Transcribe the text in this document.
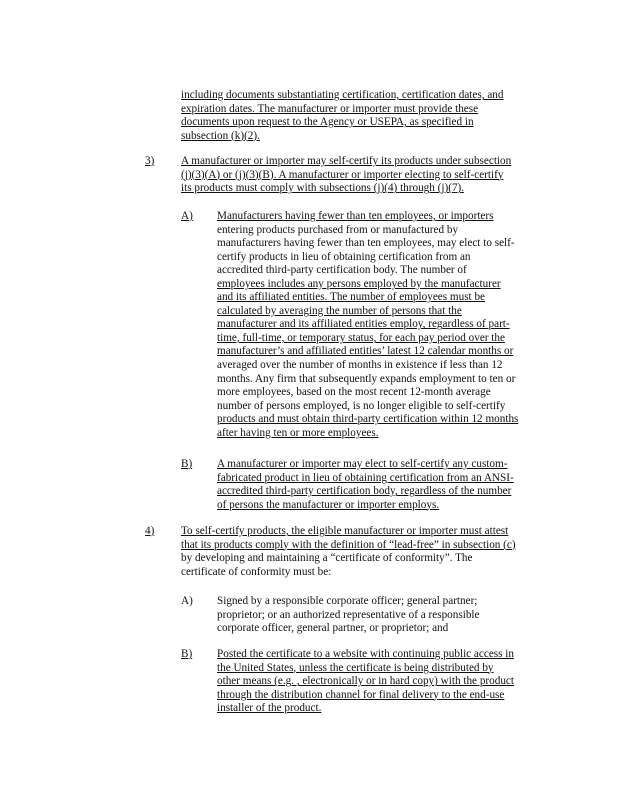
including documents substantiating certification, certification dates, and
expiration dates. The manufacturer or importer must provide these
documents upon request to the Agency or USEPA, as specified in
subsection (k)(2).
3) A manufacturer or importer may self-certify its products under subsection
(j)(3)(A) or (j)(3)(B). A manufacturer or importer electing to self-certify
its products must comply with subsections (j)(4) through (j)(7).
A) Manufacturers having fewer than ten employees, or importers
entering products purchased from or manufactured by
manufacturers having fewer than ten employees, may elect to self-
certify products in lieu of obtaining certification from an
accredited third-party certification body. The number of
employees includes any persons employed by the manufacturer
and its affiliated entities. The number of employees must be
calculated by averaging the number of persons that the
manufacturer and its affiliated entities employ, regardless of part-
time, full-time, or temporary status, for each pay period over the
manufacturer’s and affiliated entities’ latest 12 calendar months or
averaged over the number of months in existence if less than 12
months. Any firm that subsequently expands employment to ten or
more employees, based on the most recent 12-month average
number of persons employed, is no longer eligible to self-certify
products and must obtain third-party certification within 12 months
after having ten or more employees.
B) A manufacturer or importer may elect to self-certify any custom-
fabricated product in lieu of obtaining certification from an ANSI-
accredited third-party certification body, regardless of the number
of persons the manufacturer or importer employs.
4) To self-certify products, the eligible manufacturer or importer must attest
that its products comply with the definition of “lead-free” in subsection (c)
by developing and maintaining a “certificate of conformity”. The
certificate of conformity must be:
A) Signed by a responsible corporate officer; general partner;
proprietor; or an authorized representative of a responsible
corporate officer, general partner, or proprietor; and
B) Posted the certificate to a website with continuing public access in
the United States, unless the certificate is being distributed by
other means (e.g. , electronically or in hard copy) with the product
through the distribution channel for final delivery to the end-use
installer of the product.
